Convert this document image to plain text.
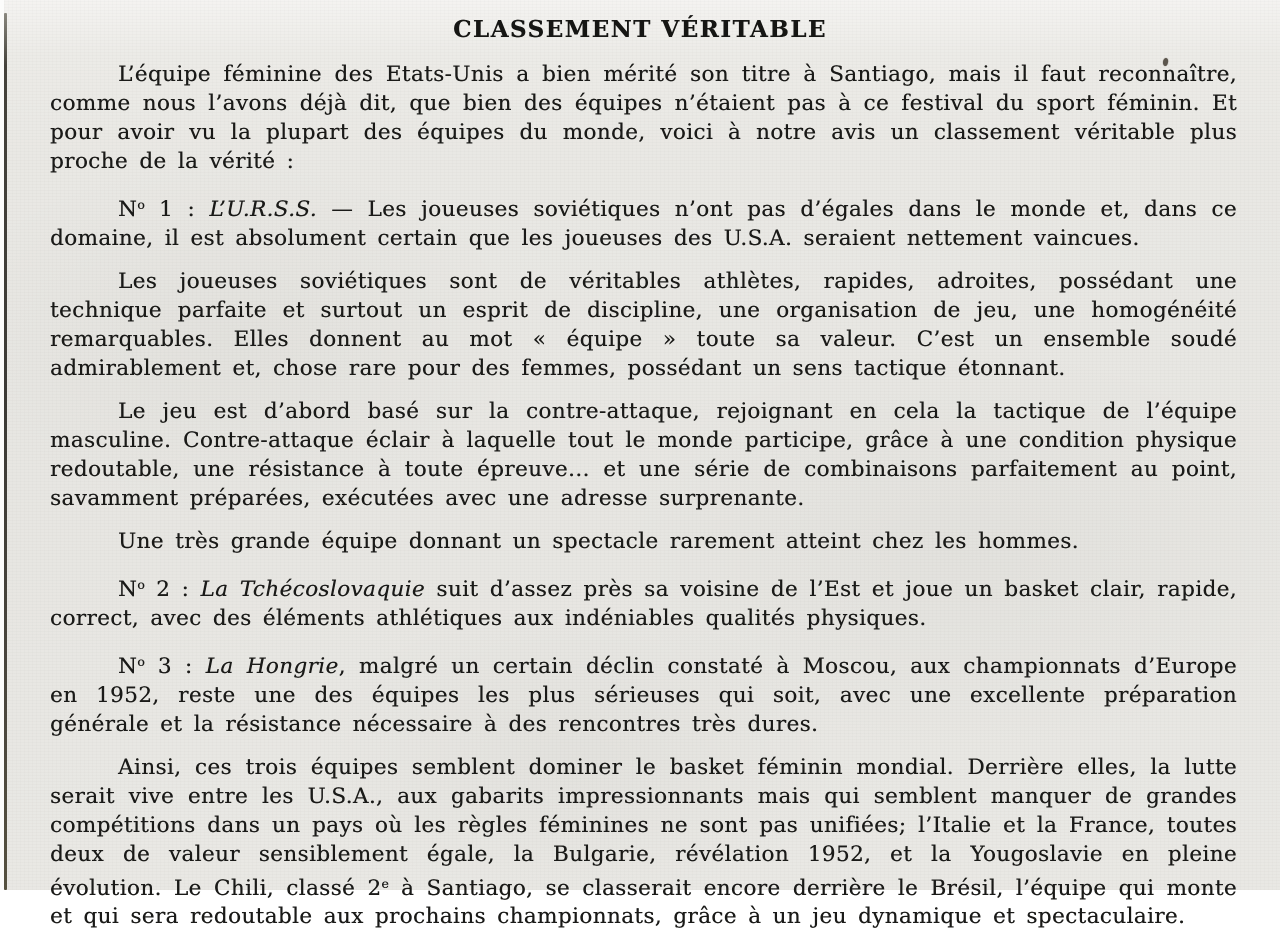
CLASSEMENT VÉRITABLE

L’équipe féminine des Etats-Unis a bien mérité son titre à Santiago, mais il faut reconnaître, comme nous l’avons déjà dit, que bien des équipes n’étaient pas à ce festival du sport féminin. Et pour avoir vu la plupart des équipes du monde, voici à notre avis un classement véritable plus proche de la vérité :

$N^o$ 1 : L’U.R.S.S. — Les joueuses soviétiques n’ont pas d’égales dans le monde et, dans ce domaine, il est absolument certain que les joueuses des U.S.A. seraient nettement vaincues.

Les joueuses soviétiques sont de véritables athlètes, rapides, adroites, possédant une technique parfaite et surtout un esprit de discipline, une organisation de jeu, une homogénéité remarquables. Elles donnent au mot « équipe » toute sa valeur. C’est un ensemble soudé admirablement et, chose rare pour des femmes, possédant un sens tactique étonnant.

Le jeu est d’abord basé sur la contre-attaque, rejoignant en cela la tactique de l’équipe masculine. Contre-attaque éclair à laquelle tout le monde participe, grâce à une condition physique redoutable, une résistance à toute épreuve... et une série de combinaisons parfaitement au point, savamment préparées, exécutées avec une adresse surprenante.

Une très grande équipe donnant un spectacle rarement atteint chez les hommes.

$N^o$ 2 : La Tchécoslovaquie suit d’assez près sa voisine de l’Est et joue un basket clair, rapide, correct, avec des éléments athlétiques aux indéniables qualités physiques.

$N^o$ 3 : La Hongrie, malgré un certain déclin constaté à Moscou, aux championnats d’Europe en 1952, reste une des équipes les plus sérieuses qui soit, avec une excellente préparation générale et la résistance nécessaire à des rencontres très dures.

Ainsi, ces trois équipes semblent dominer le basket féminin mondial. Derrière elles, la lutte serait vive entre les U.S.A., aux gabarits impressionnants mais qui semblent manquer de grandes compétitions dans un pays où les règles féminines ne sont pas unifiées; l’Italie et la France, toutes deux de valeur sensiblement égale, la Bulgarie, révélation 1952, et la Yougoslavie en pleine évolution. Le Chili, classé 2e à Santiago, se classerait encore derrière le Brésil, l’équipe qui monte et qui sera redoutable aux prochains championnats, grâce à un jeu dynamique et spectaculaire.
